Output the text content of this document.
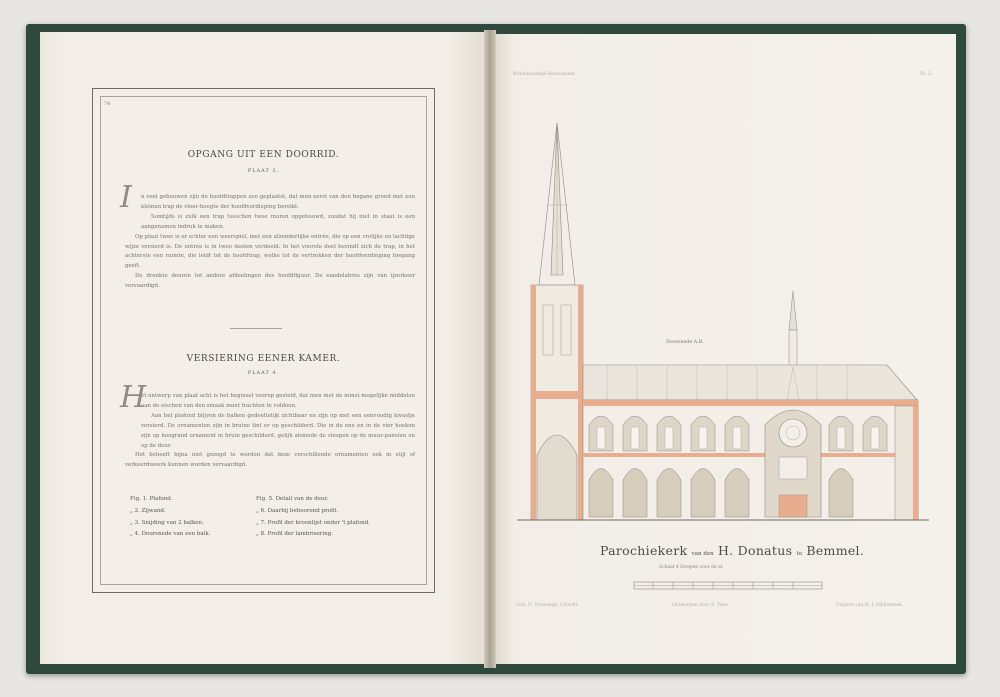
74
OPGANG UIT EEN DOORRID.
PLAAT 3.
I	n veel gebouwen zijn de hoofdtrappen zoo geplaatst, dat men eerst van den begane grond met een kleinen trap de vloer-hoogte der hoofdverdieping bereikt.

Somtijds is zulk een trap tusschen twee muren opgebouwd, zoodat hij niet in staat is een aangenamen indruk te maken.

Op plaat twee is er echter een weerspiel, met een afzonderlijke entrée, die op een vrolijke en lachtige wijze versierd is. De entrée is in twee deelen verdeeld. In het voorste deel bevindt zich de trap, in het achterste een ruimte, die leidt tot de hoofdtrap, welke tot de vertrekken der hoofdverdieping toegang geeft.

De drenkte deuren tot andere afdeelingen des hoofdflguur. De eandelabres zijn van ijzerkeer vervaardigd.

VERSIERING EENER KAMER.
PLAAT 4.
H

et ontwerp van plaat acht is het beginsel voorop gesteld, dat men met de minst mogelijke middelen aan de eischen van den smaak moet trachten te voldoen.

Aan het plafond blijven de balken gedeeltelijk zichtbaar en zijn op met een eenvoudig kwastje versierd. De ornamenten zijn in bruine tint er op geschilderd. Die in de ene en in de vier hoeken zijn op hoogrand ornament in bruin geschilderd, gelijk alsmede de stespen op de muur-panelen en op de deur.

Het behoeft bijna niet gezegd te worden dat deze verschillende ornamenten ook in stijl of verkeerdweerk kunnen worden vervaardigd.

Fig. 1. Plafond.
„ 2. Zijwand.
„ 3. Snijding van 2 balken.
„ 4. Doorsnede van een balk.
Fig. 5. Detail van de deur.
„ 6. Daarbij behoorend profil.
„ 7. Profil der kroonlijst onder 't plafond.
„ 8. Profil der lambrisering.
Bouwkundige Bouwkunst	Pl. 3.
Doorsnede A.B.
Parochiekerk van den H. Donatus te Bemmel.
Schaal 4 Strepen voor de el.
Lith. N. Vreeswijk, Utrecht.	Ontworpen door A. Tepe.	Uitgave van H. J. Bibliotheek.
